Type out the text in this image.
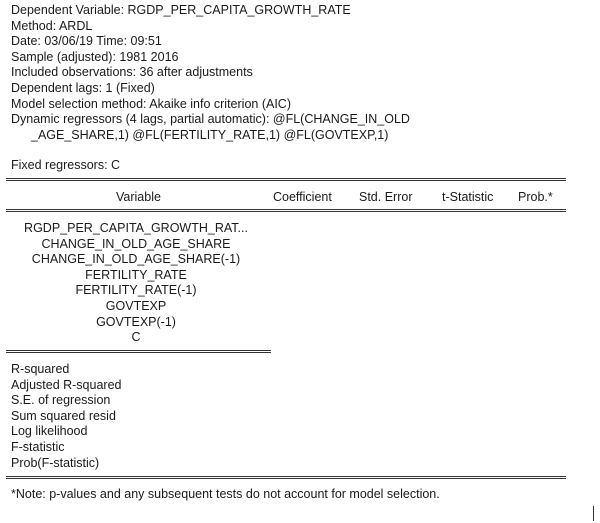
Dependent Variable: RGDP_PER_CAPITA_GROWTH_RATE
Method: ARDL
Date: 03/06/19 Time: 09:51
Sample (adjusted): 1981 2016
Included observations: 36 after adjustments
Dependent lags: 1 (Fixed)
Model selection method: Akaike info criterion (AIC)
Dynamic regressors (4 lags, partial automatic): @FL(CHANGE_IN_OLD
_AGE_SHARE,1) @FL(FERTILITY_RATE,1) @FL(GOVTEXP,1)
Fixed regressors: C
Variable	Coefficient Std. Error t-Statistic Prob.*
RGDP_PER_CAPITA_GROWTH_RAT...
CHANGE_IN_OLD_AGE_SHARE
CHANGE_IN_OLD_AGE_SHARE(-1)
FERTILITY_RATE
FERTILITY_RATE(-1)
GOVTEXP
GOVTEXP(-1)
C
R-squared
Adjusted R-squared
S.E. of regression
Sum squared resid
Log likelihood
F-statistic
Prob(F-statistic)
*Note: p-values and any subsequent tests do not account for model selection.
